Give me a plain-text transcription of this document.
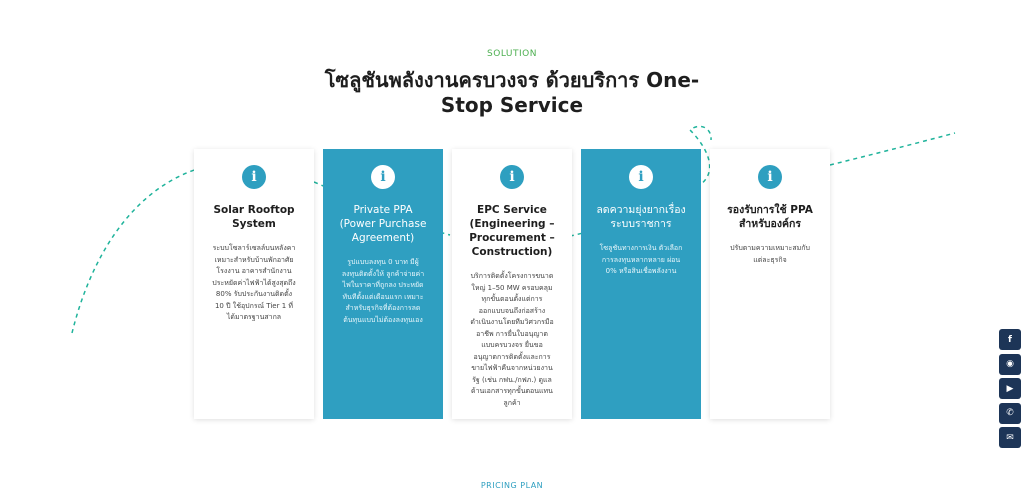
SOLUTION
โซลูชันพลังงานครบวงจร ด้วยบริการ One-
Stop Service
i
Solar Rooftop
System
ระบบโซลาร์เซลล์บนหลังคา
เหมาะสำหรับบ้านพักอาศัย
โรงงาน อาคารสำนักงาน
ประหยัดค่าไฟฟ้าได้สูงสุดถึง
80% รับประกันงานติดตั้ง
10 ปี ใช้อุปกรณ์ Tier 1 ที่
ได้มาตรฐานสากล
i
Private PPA
(Power Purchase
Agreement)
รูปแบบลงทุน 0 บาท มีผู้
ลงทุนติดตั้งให้ ลูกค้าจ่ายค่า
ไฟในราคาที่ถูกลง ประหยัด
ทันทีตั้งแต่เดือนแรก เหมาะ
สำหรับธุรกิจที่ต้องการลด
ต้นทุนแบบไม่ต้องลงทุนเอง
i
EPC Service
(Engineering –
Procurement –
Construction)
บริการติดตั้งโครงการขนาด
ใหญ่ 1–50 MW ครอบคลุม
ทุกขั้นตอนตั้งแต่การ
ออกแบบจนถึงก่อสร้าง
ดำเนินงานโดยทีมวิศวกรมือ
อาชีพ การยื่นใบอนุญาต
แบบครบวงจร ยื่นขอ
อนุญาตการติดตั้งและการ
ขายไฟฟ้าคืนจากหน่วยงาน
รัฐ (เช่น กฟน./กฟภ.) ดูแล
ด้านเอกสารทุกขั้นตอนแทน
ลูกค้า
i
ลดความยุ่งยากเรื่อง
ระบบราชการ
โซลูชันทางการเงิน ตัวเลือก
การลงทุนหลากหลาย ผ่อน
0% หรือสินเชื่อพลังงาน
i
รองรับการใช้ PPA
สำหรับองค์กร
ปรับตามความเหมาะสมกับ
แต่ละธุรกิจ
f
◉
▶
✆
✉
PRICING PLAN
